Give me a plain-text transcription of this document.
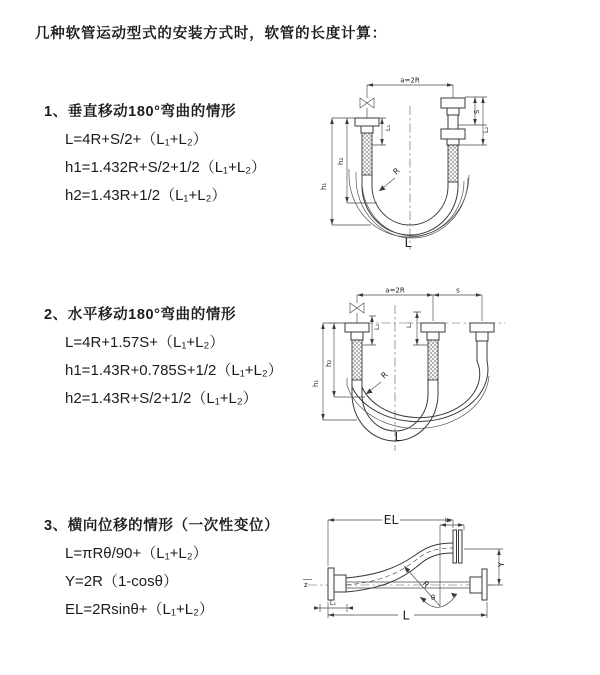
几种软管运动型式的安装方式时，软管的长度计算：
1、垂直移动180°弯曲的情形
L=4R+S/2+（L₁+L₂）
h1=1.432R+S/2+1/2（L₁+L₂）
h2=1.43R+1/2（L₁+L₂）
2、水平移动180°弯曲的情形
L=4R+1.57S+（L₁+L₂）
h1=1.43R+0.785S+1/2（L₁+L₂）
h2=1.43R+S/2+1/2（L₁+L₂）
3、横向位移的情形（一次性变位）
L=πRθ/90+（L₁+L₂）
Y=2R（1-cosθ）
EL=2Rsinθ+（L₁+L₂）
a=2R
h₁
h₂
L₁
S
L₂
R
L
a=2R	s
h₁
h₂
L₁	L₂
R
L
z
EL	L₂
Y
R
θ
L
L₁
